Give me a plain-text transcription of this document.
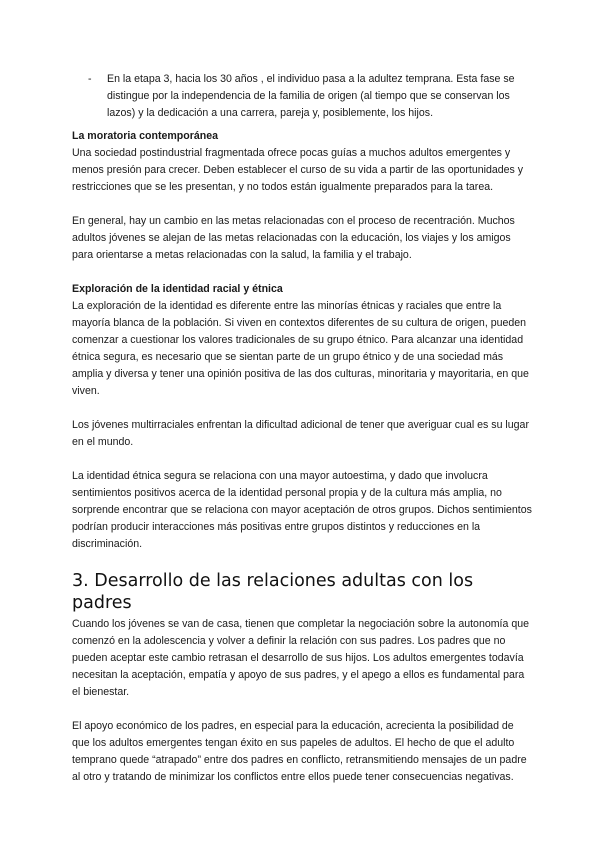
- En la etapa 3, hacia los 30 años , el individuo pasa a la adultez temprana. Esta fase se distingue por la independencia de la familia de origen (al tiempo que se conservan los lazos) y la dedicación a una carrera, pareja y, posiblemente, los hijos.

La moratoria contemporánea

Una sociedad postindustrial fragmentada ofrece pocas guías a muchos adultos emergentes y menos presión para crecer. Deben establecer el curso de su vida a partir de las oportunidades y restricciones que se les presentan, y no todos están igualmente preparados para la tarea.

En general, hay un cambio en las metas relacionadas con el proceso de recentración. Muchos adultos jóvenes se alejan de las metas relacionadas con la educación, los viajes y los amigos para orientarse a metas relacionadas con la salud, la familia y el trabajo.

Exploración de la identidad racial y étnica

La exploración de la identidad es diferente entre las minorías étnicas y raciales que entre la mayoría blanca de la población. Si viven en contextos diferentes de su cultura de origen, pueden comenzar a cuestionar los valores tradicionales de su grupo étnico. Para alcanzar una identidad étnica segura, es necesario que se sientan parte de un grupo étnico y de una sociedad más amplia y diversa y tener una opinión positiva de las dos culturas, minoritaria y mayoritaria, en que viven.

Los jóvenes multirraciales enfrentan la dificultad adicional de tener que averiguar cual es su lugar en el mundo.

La identidad étnica segura se relaciona con una mayor autoestima, y dado que involucra sentimientos positivos acerca de la identidad personal propia y de la cultura más amplia, no sorprende encontrar que se relaciona con mayor aceptación de otros grupos. Dichos sentimientos podrían producir interacciones más positivas entre grupos distintos y reducciones en la discriminación.

3. Desarrollo de las relaciones adultas con los padres

Cuando los jóvenes se van de casa, tienen que completar la negociación sobre la autonomía que comenzó en la adolescencia y volver a definir la relación con sus padres. Los padres que no pueden aceptar este cambio retrasan el desarrollo de sus hijos. Los adultos emergentes todavía necesitan la aceptación, empatía y apoyo de sus padres, y el apego a ellos es fundamental para el bienestar.

El apoyo económico de los padres, en especial para la educación, acrecienta la posibilidad de que los adultos emergentes tengan éxito en sus papeles de adultos. El hecho de que el adulto temprano quede “atrapado” entre dos padres en conflicto, retransmitiendo mensajes de un padre al otro y tratando de minimizar los conflictos entre ellos puede tener consecuencias negativas.
